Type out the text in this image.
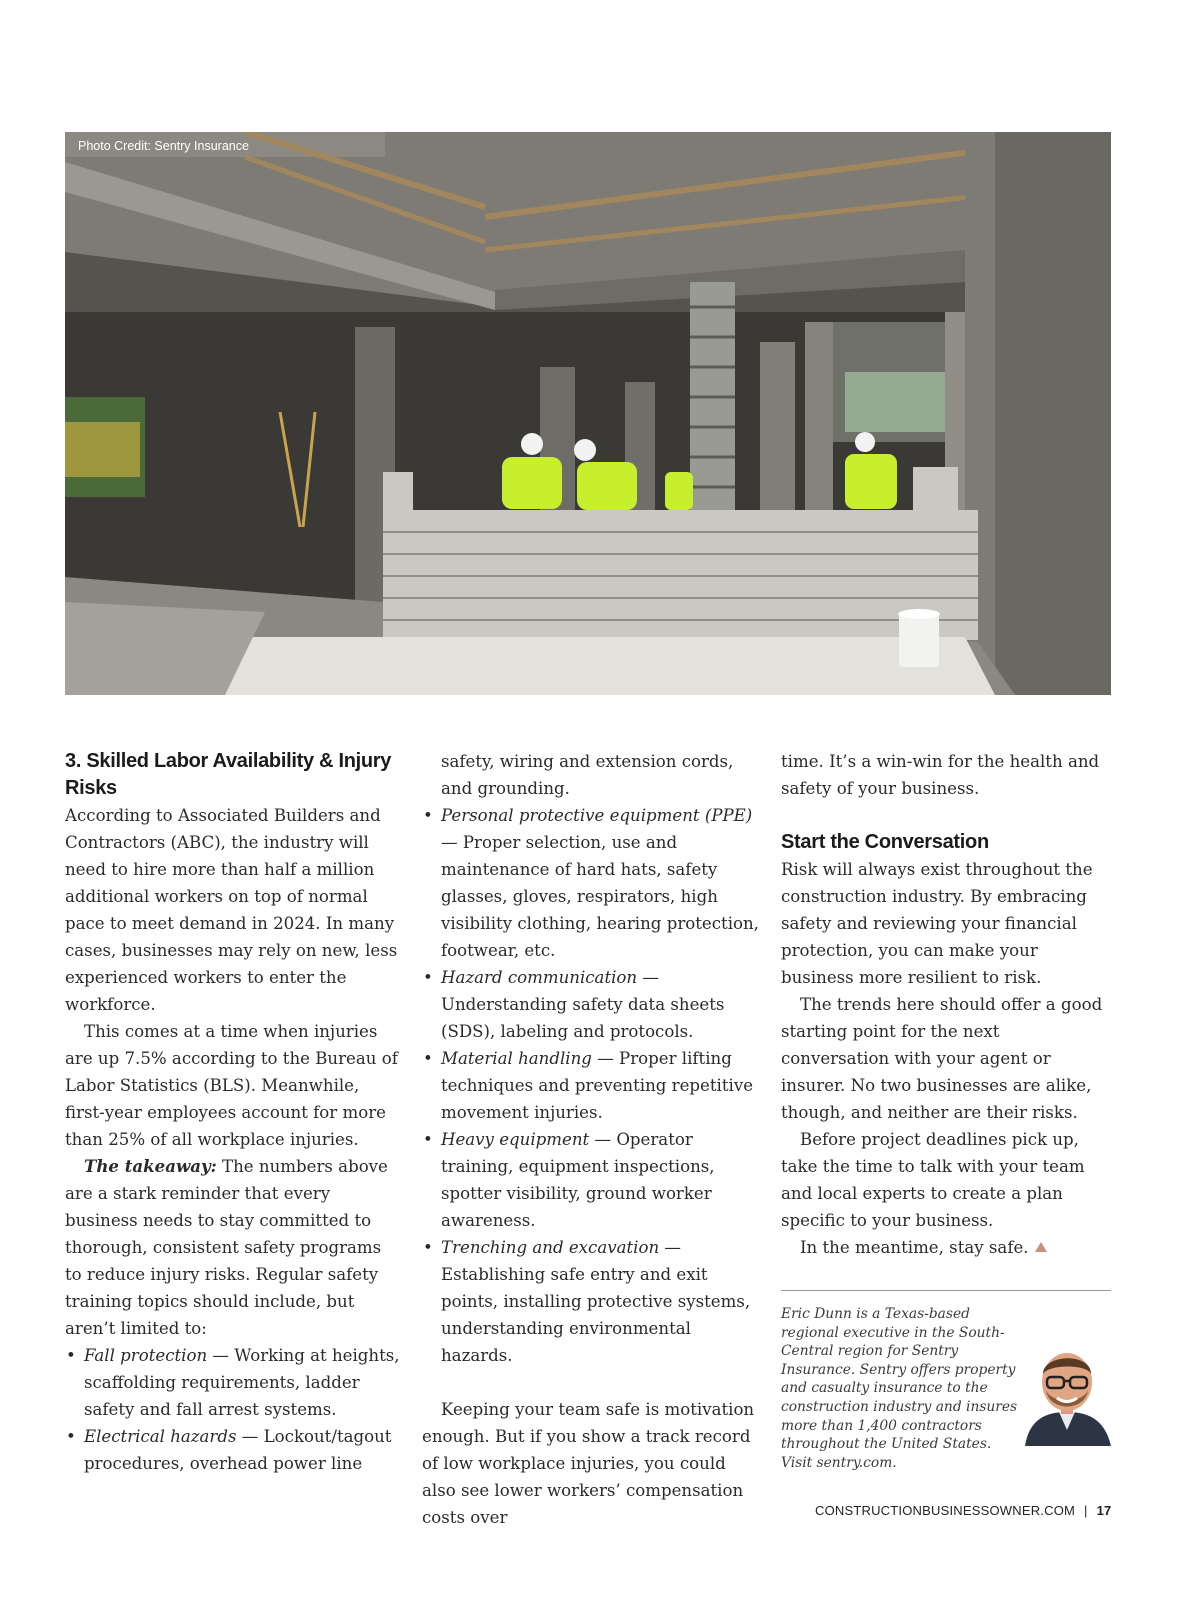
Photo Credit: Sentry Insurance
3. Skilled Labor Availability & Injury Risks

According to Associated Builders and Contractors (ABC), the industry will need to hire more than half a million additional workers on top of normal pace to meet demand in 2024. In many cases, businesses may rely on new, less experienced workers to enter the workforce.

This comes at a time when injuries are up 7.5% according to the Bureau of Labor Statistics (BLS). Meanwhile, first-year employees account for more than 25% of all workplace injuries.

The takeaway: The numbers above are a stark reminder that every business needs to stay committed to thorough, consistent safety programs to reduce injury risks. Regular safety training topics should include, but aren’t limited to:

• Fall protection — Working at heights, scaffolding requirements, ladder safety and fall arrest systems.
• Electrical hazards — Lockout/tagout procedures, overhead power line

safety, wiring and extension cords, and grounding.

• Personal protective equipment (PPE) — Proper selection, use and maintenance of hard hats, safety glasses, gloves, respirators, high visibility clothing, hearing protection, footwear, etc.
• Hazard communication — Understanding safety data sheets (SDS), labeling and protocols.
• Material handling — Proper lifting techniques and preventing repetitive movement injuries.
• Heavy equipment — Operator training, equipment inspections, spotter visibility, ground worker awareness.
• Trenching and excavation — Establishing safe entry and exit points, installing protective systems, understanding environmental hazards.

Keeping your team safe is motivation enough. But if you show a track record of low workplace injuries, you could also see lower workers’ compensation costs over

time. It’s a win-win for the health and safety of your business.

Start the Conversation

Risk will always exist throughout the construction industry. By embracing safety and reviewing your financial protection, you can make your business more resilient to risk.

The trends here should offer a good starting point for the next conversation with your agent or insurer. No two businesses are alike, though, and neither are their risks.

Before project deadlines pick up, take the time to talk with your team and local experts to create a plan specific to your business.

In the meantime, stay safe.

Eric Dunn is a Texas-based regional executive in the South-Central region for Sentry Insurance. Sentry offers property and casualty insurance to the construction industry and insures more than 1,400 contractors throughout the United States. Visit sentry.com.
CONSTRUCTIONBUSINESSOWNER.COM | 17
